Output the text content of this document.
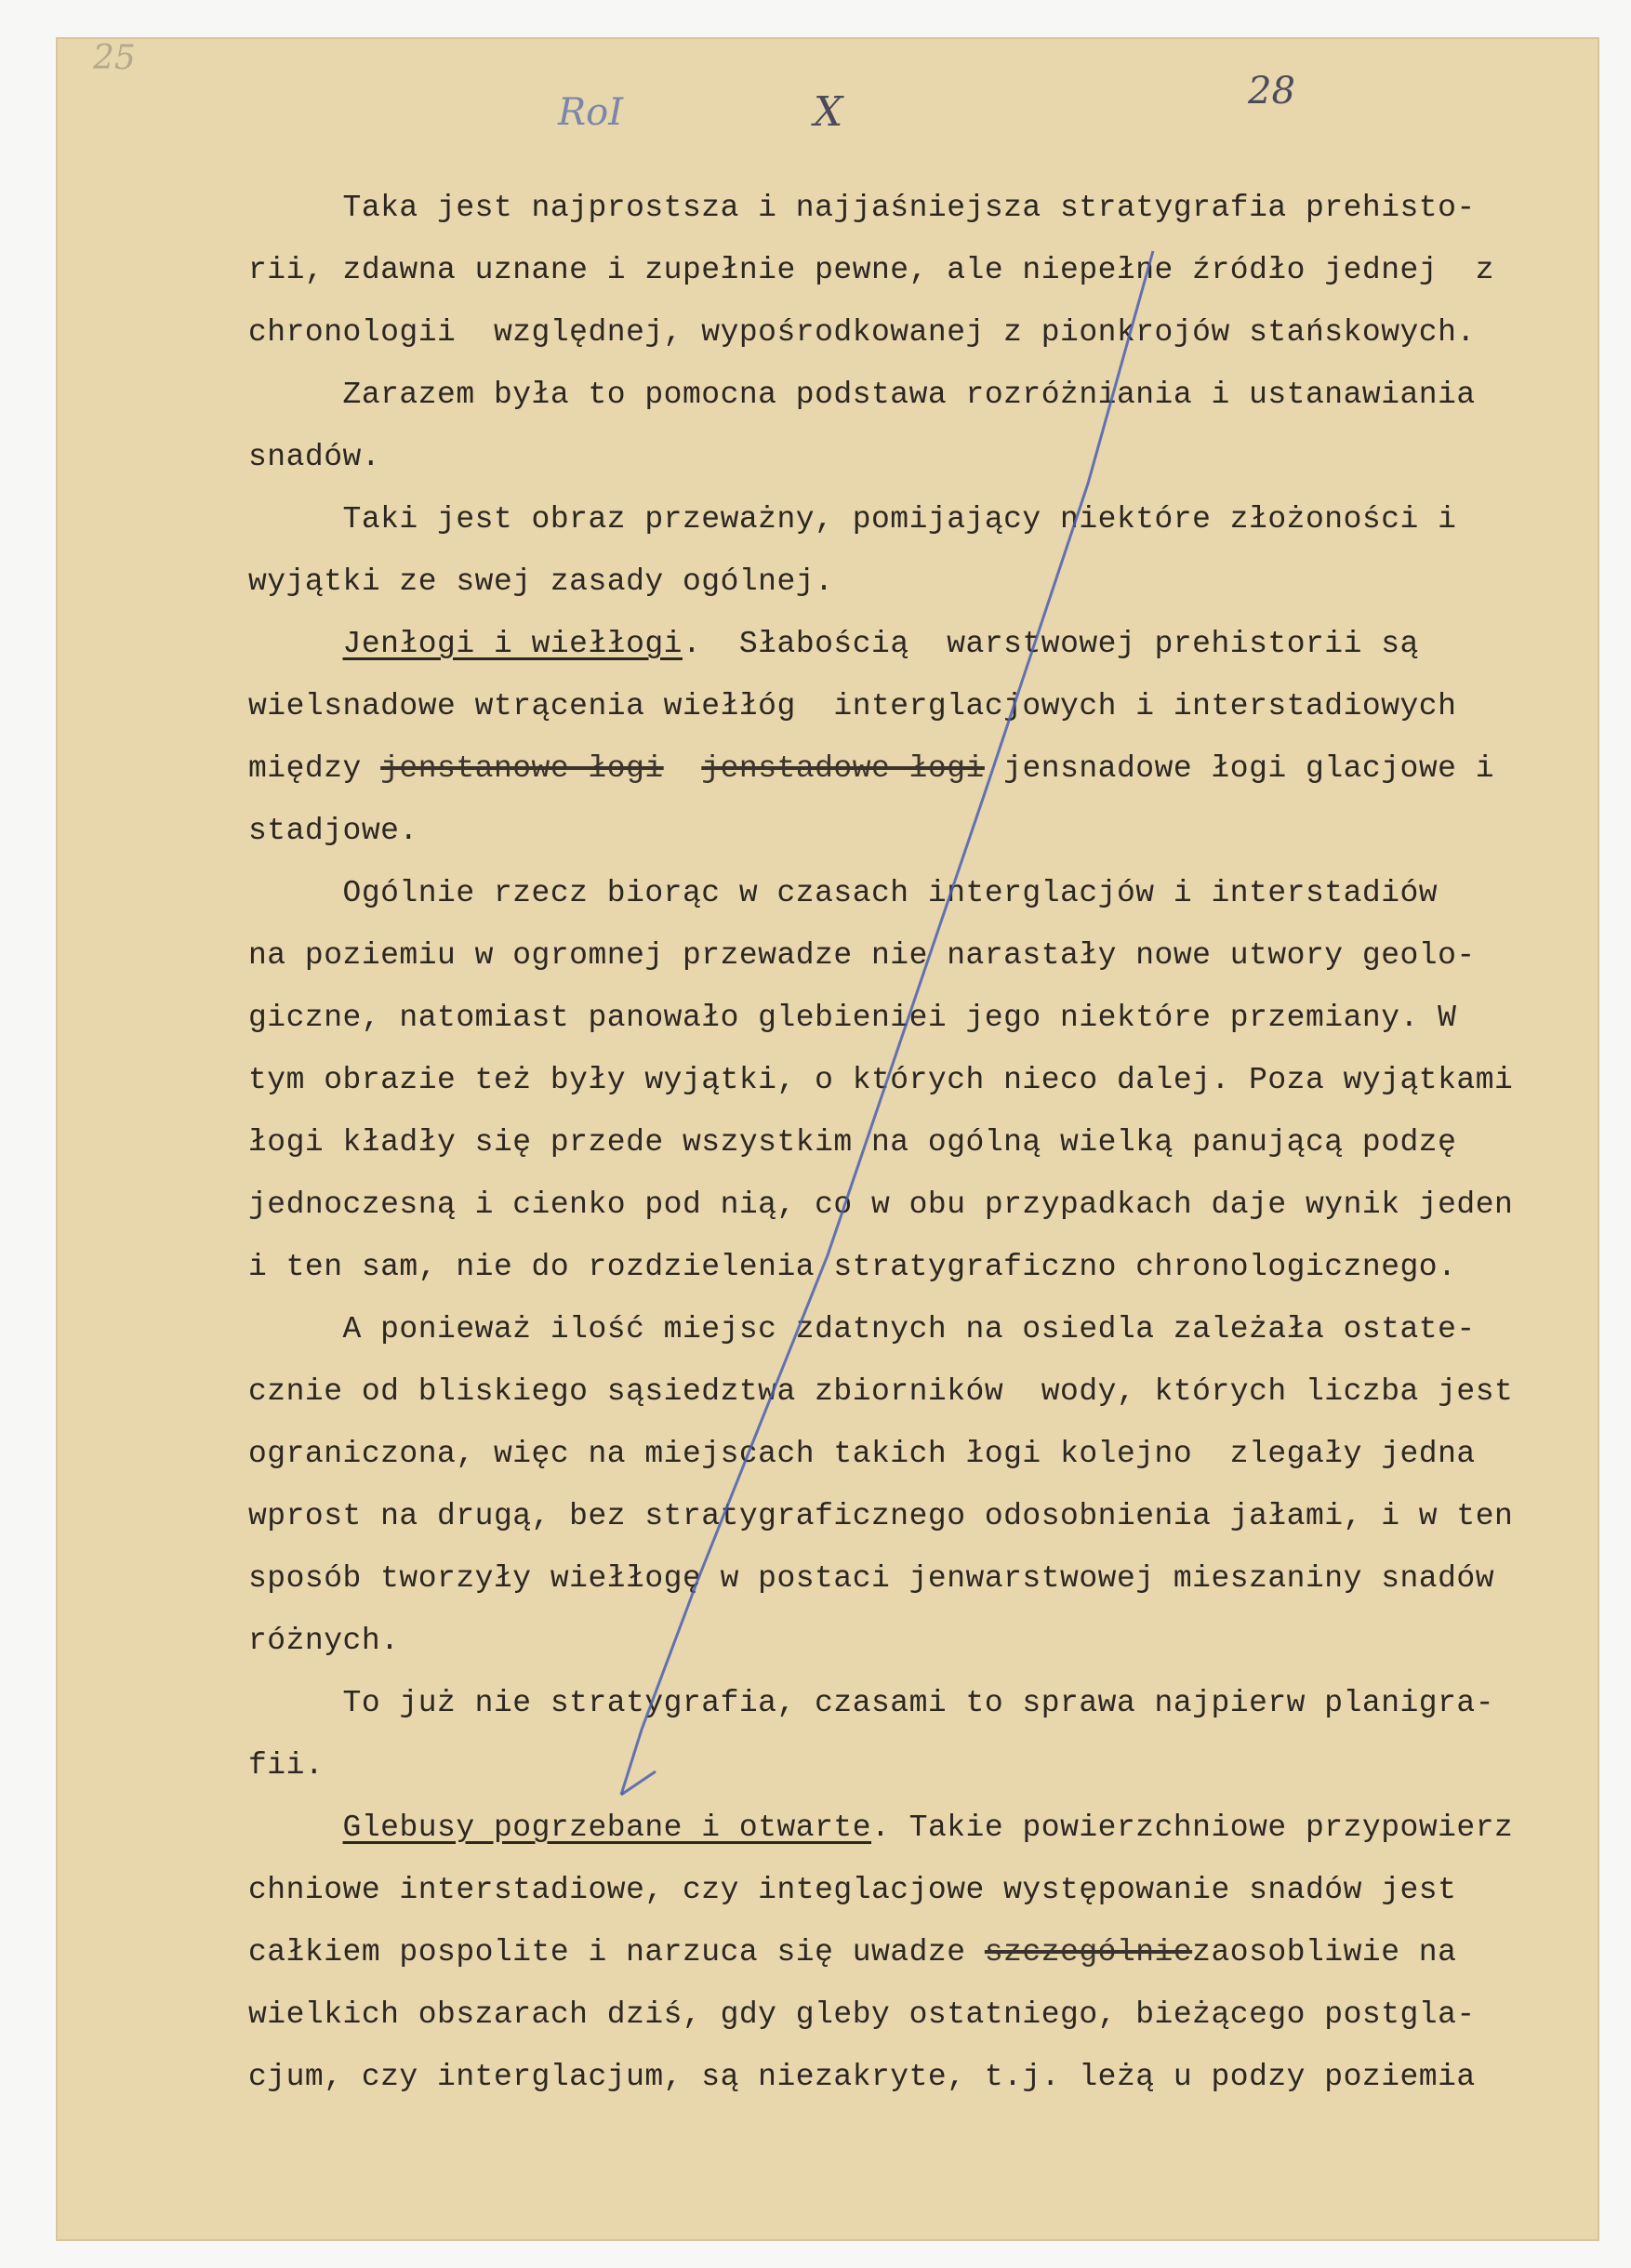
25
RoI	X	28
Taka jest najprostsza i najjaśniejsza stratygrafia prehisto-
rii, zdawna uznane i zupełnie pewne, ale niepełne źródło jednej  z
chronologii  względnej, wypośrodkowanej z pionkrojów stańskowych.
Zarazem była to pomocna podstawa rozróżniania i ustanawiania
snadów.
Taki jest obraz przeważny, pomijający niektóre złożoności i
wyjątki ze swej zasady ogólnej.
Jenłogi i wiełłogi.  Słabością  warstwowej prehistorii są
wielsnadowe wtrącenia wiełłóg  interglacjowych i interstadiowych
między jenstanowe łogi jenstadowe łogi jensnadowe łogi glacjowe i
stadjowe.
Ogólnie rzecz biorąc w czasach interglacjów i interstadiów
na poziemiu w ogromnej przewadze nie narastały nowe utwory geolo-
giczne, natomiast panowało glebieniei jego niektóre przemiany. W
tym obrazie też były wyjątki, o których nieco dalej. Poza wyjątkami
łogi kładły się przede wszystkim na ogólną wielką panującą podzę
jednoczesną i cienko pod nią, co w obu przypadkach daje wynik jeden
i ten sam, nie do rozdzielenia stratygraficzno chronologicznego.
A ponieważ ilość miejsc zdatnych na osiedla zależała ostate-
cznie od bliskiego sąsiedztwa zbiorników  wody, których liczba jest
ograniczona, więc na miejscach takich łogi kolejno  zlegały jedna
wprost na drugą, bez stratygraficznego odosobnienia jałami, i w ten
sposób tworzyły wiełłogę w postaci jenwarstwowej mieszaniny snadów
różnych.
To już nie stratygrafia, czasami to sprawa najpierw planigra-
fii.
Glebusy pogrzebane i otwarte. Takie powierzchniowe przypowierz
chniowe interstadiowe, czy integlacjowe występowanie snadów jest
całkiem pospolite i narzuca się uwadze szczególniezaosobliwie na
wielkich obszarach dziś, gdy gleby ostatniego, bieżącego postgla-
cjum, czy interglacjum, są niezakryte, t.j. leżą u podzy poziemia
